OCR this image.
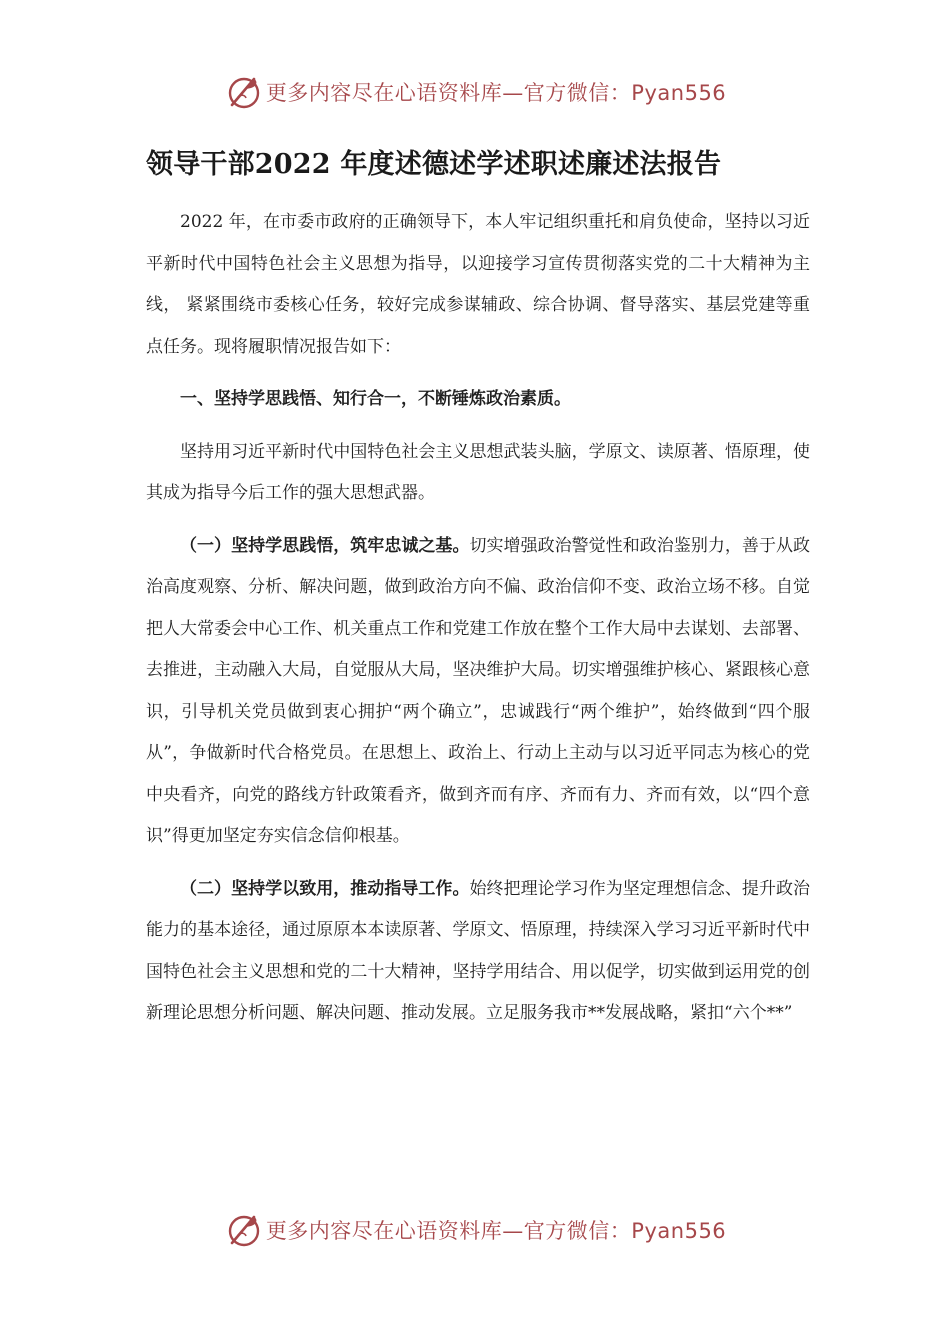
更多内容尽在心语资料库—官方微信：Pyan556
领导干部2022 年度述德述学述职述廉述法报告

2022 年，在市委市政府的正确领导下，本人牢记组织重托和肩负使命，坚持以习近平新时代中国特色社会主义思想为指导，以迎接学习宣传贯彻落实党的二十大精神为主线， 紧紧围绕市委核心任务，较好完成参谋辅政、综合协调、督导落实、基层党建等重点任务。现将履职情况报告如下：

一、坚持学思践悟、知行合一，不断锤炼政治素质。

坚持用习近平新时代中国特色社会主义思想武装头脑，学原文、读原著、悟原理，使其成为指导今后工作的强大思想武器。

（一）坚持学思践悟，筑牢忠诚之基。切实增强政治警觉性和政治鉴别力，善于从政治高度观察、分析、解决问题，做到政治方向不偏、政治信仰不变、政治立场不移。自觉把人大常委会中心工作、机关重点工作和党建工作放在整个工作大局中去谋划、去部署、去推进，主动融入大局，自觉服从大局，坚决维护大局。切实增强维护核心、紧跟核心意识，引导机关党员做到衷心拥护“两个确立”，忠诚践行“两个维护”，始终做到“四个服从”，争做新时代合格党员。在思想上、政治上、行动上主动与以习近平同志为核心的党中央看齐，向党的路线方针政策看齐，做到齐而有序、齐而有力、齐而有效，以“四个意识”得更加坚定夯实信念信仰根基。

（二）坚持学以致用，推动指导工作。始终把理论学习作为坚定理想信念、提升政治能力的基本途径，通过原原本本读原著、学原文、悟原理，持续深入学习习近平新时代中国特色社会主义思想和党的二十大精神，坚持学用结合、用以促学，切实做到运用党的创新理论思想分析问题、解决问题、推动发展。立足服务我市**发展战略，紧扣“六个**”

更多内容尽在心语资料库—官方微信：Pyan556
